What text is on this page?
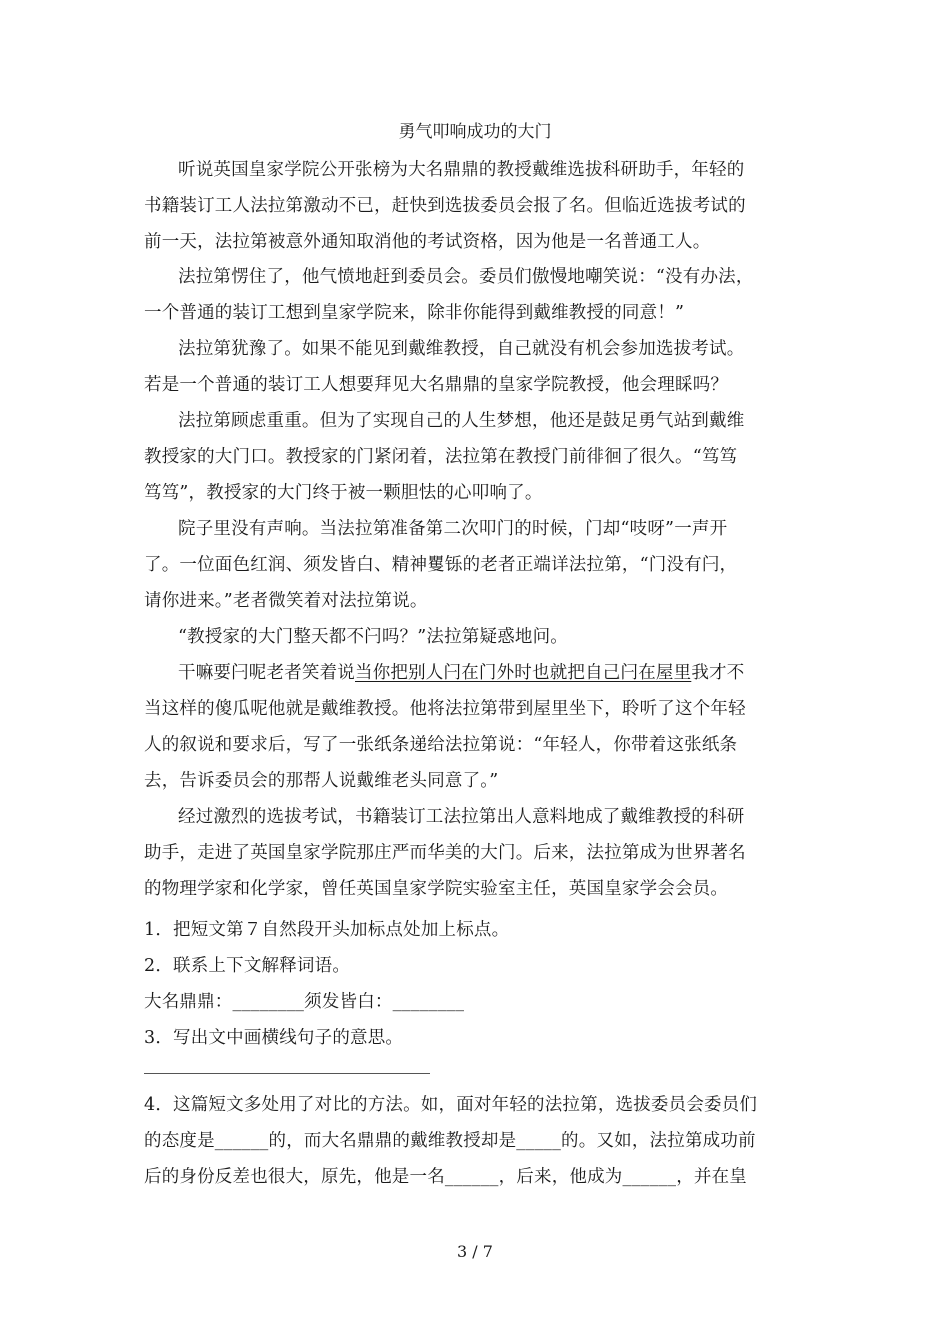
勇气叩响成功的大门
听说英国皇家学院公开张榜为大名鼎鼎的教授戴维选拔科研助手，年轻的
书籍装订工人法拉第激动不已，赶快到选拔委员会报了名。但临近选拔考试的
前一天，法拉第被意外通知取消他的考试资格，因为他是一名普通工人。
法拉第愣住了，他气愤地赶到委员会。委员们傲慢地嘲笑说：“没有办法，
一个普通的装订工想到皇家学院来，除非你能得到戴维教授的同意！”
法拉第犹豫了。如果不能见到戴维教授，自己就没有机会参加选拔考试。
若是一个普通的装订工人想要拜见大名鼎鼎的皇家学院教授，他会理睬吗？
法拉第顾虑重重。但为了实现自己的人生梦想，他还是鼓足勇气站到戴维
教授家的大门口。教授家的门紧闭着，法拉第在教授门前徘徊了很久。“笃笃
笃笃”，教授家的大门终于被一颗胆怯的心叩响了。
院子里没有声响。当法拉第准备第二次叩门的时候，门却“吱呀”一声开
了。一位面色红润、须发皆白、精神矍铄的老者正端详法拉第，“门没有闩，
请你进来。”老者微笑着对法拉第说。
“教授家的大门整天都不闩吗？”法拉第疑惑地问。
干嘛要闩呢老者笑着说当你把别人闩在门外时也就把自己闩在屋里我才不
当这样的傻瓜呢他就是戴维教授。他将法拉第带到屋里坐下，聆听了这个年轻
人的叙说和要求后，写了一张纸条递给法拉第说：“年轻人，你带着这张纸条
去，告诉委员会的那帮人说戴维老头同意了。”
经过激烈的选拔考试，书籍装订工法拉第出人意料地成了戴维教授的科研
助手，走进了英国皇家学院那庄严而华美的大门。后来，法拉第成为世界著名
的物理学家和化学家，曾任英国皇家学院实验室主任，英国皇家学会会员。
1．把短文第７自然段开头加标点处加上标点。
2．联系上下文解释词语。
大名鼎鼎：________须发皆白：________
3．写出文中画横线句子的意思。
4．这篇短文多处用了对比的方法。如，面对年轻的法拉第，选拔委员会委员们
的态度是______的，而大名鼎鼎的戴维教授却是_____的。又如，法拉第成功前
后的身份反差也很大，原先，他是一名______，后来，他成为______，并在皇
3 / 7
